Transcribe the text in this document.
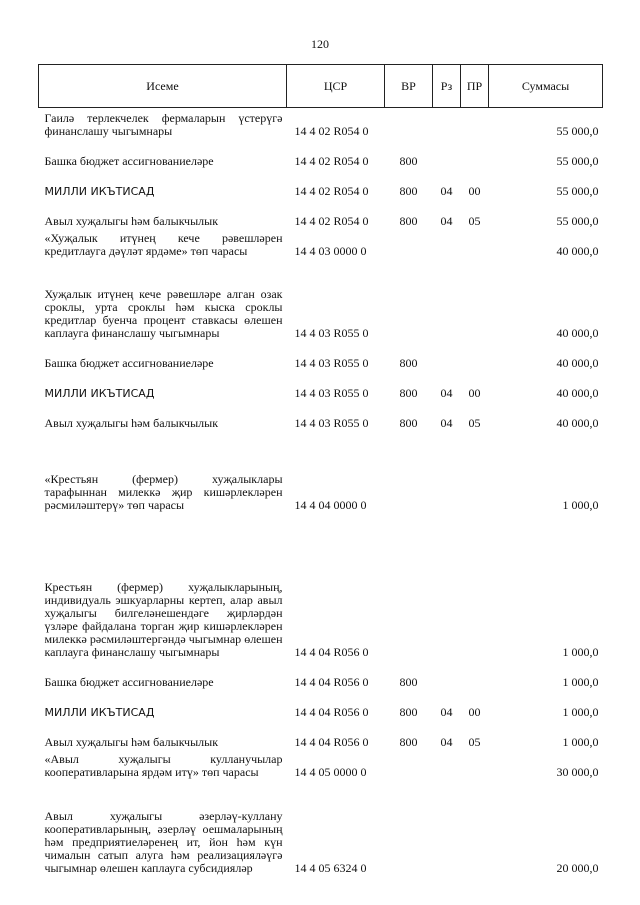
120
Исеме	ЦСР	ВР	Рз	ПР	Суммасы
Гаилә терлекчелек фермаларын үстерүгә финанслашу чыгымнары	14 4 02 R054 0				55 000,0
Башка бюджет ассигнованиеләре	14 4 02 R054 0	800			55 000,0
МИЛЛИ ИКЪТИСАД	14 4 02 R054 0	800	04	00	55 000,0
Авыл хуҗалыгы һәм балыкчылык	14 4 02 R054 0	800	04	05	55 000,0
«Хуҗалык итүнең кече рәвешләрен кредитлауга дәүләт ярдәме» төп чарасы	14 4 03 0000 0				40 000,0
Хуҗалык итүнең кече рәвешләре алган озак сроклы, урта сроклы һәм кыска сроклы кредитлар буенча процент ставкасы өлешен каплауга финанслашу чыгымнары	14 4 03 R055 0				40 000,0
Башка бюджет ассигнованиеләре	14 4 03 R055 0	800			40 000,0
МИЛЛИ ИКЪТИСАД	14 4 03 R055 0	800	04	00	40 000,0
Авыл хуҗалыгы һәм балыкчылык	14 4 03 R055 0	800	04	05	40 000,0
«Крестьян (фермер) хуҗалыклары тарафыннан милеккә җир кишәрлекләрен рәсмиләштерү» төп чарасы	14 4 04 0000 0				1 000,0
Крестьян (фермер) хуҗалыкларының, индивидуаль эшкуарларны кертеп, алар авыл хуҗалыгы билгеләнешендәге җирләрдән үзләре файдалана торган җир кишәрлекләрен милеккә рәсмиләштергәндә чыгымнар өлешен каплауга финанслашу чыгымнары	14 4 04 R056 0				1 000,0
Башка бюджет ассигнованиеләре	14 4 04 R056 0	800			1 000,0
МИЛЛИ ИКЪТИСАД	14 4 04 R056 0	800	04	00	1 000,0
Авыл хуҗалыгы һәм балыкчылык	14 4 04 R056 0	800	04	05	1 000,0
«Авыл хуҗалыгы кулланучылар кооперативларына ярдәм итү» төп чарасы	14 4 05 0000 0				30 000,0
Авыл хуҗалыгы әзерләү-куллану кооперативларының, әзерләү оешмаларының һәм предприятиеләренең ит, йон һәм күн чималын сатып алуга һәм реализацияләүгә чыгымнар өлешен каплауга субсидияләр	14 4 05 6324 0				20 000,0
